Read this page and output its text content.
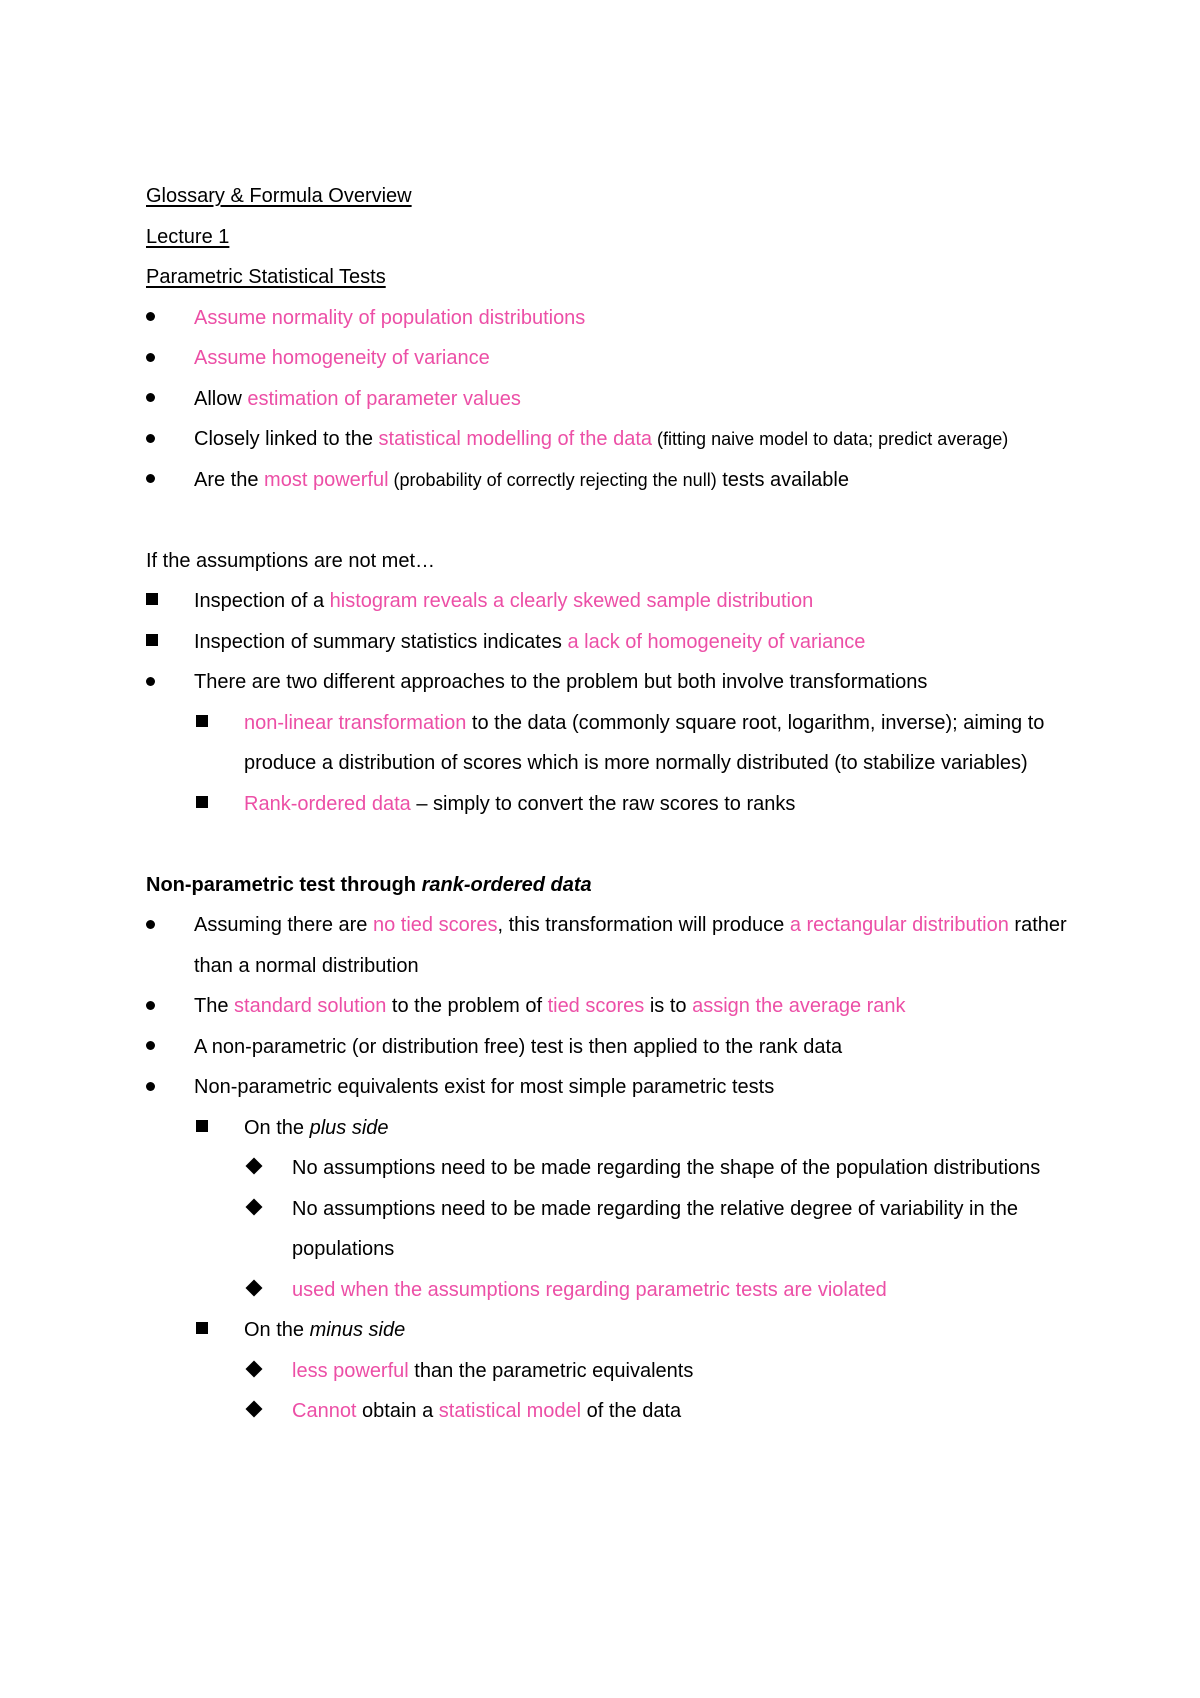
Glossary & Formula Overview
Lecture 1
Parametric Statistical Tests
Assume normality of population distributions
Assume homogeneity of variance
Allow estimation of parameter values
Closely linked to the statistical modelling of the data (fitting naive model to data; predict average)
Are the most powerful (probability of correctly rejecting the null) tests available
If the assumptions are not met…
Inspection of a histogram reveals a clearly skewed sample distribution
Inspection of summary statistics indicates a lack of homogeneity of variance
There are two different approaches to the problem but both involve transformations
non-linear transformation to the data (commonly square root, logarithm, inverse); aiming to produce a distribution of scores which is more normally distributed (to stabilize variables)
Rank-ordered data – simply to convert the raw scores to ranks
Non-parametric test through rank-ordered data
Assuming there are no tied scores, this transformation will produce a rectangular distribution rather than a normal distribution
The standard solution to the problem of tied scores is to assign the average rank
A non-parametric (or distribution free) test is then applied to the rank data
Non-parametric equivalents exist for most simple parametric tests
On the plus side
No assumptions need to be made regarding the shape of the population distributions
No assumptions need to be made regarding the relative degree of variability in the populations
used when the assumptions regarding parametric tests are violated
On the minus side
less powerful than the parametric equivalents
Cannot obtain a statistical model of the data
